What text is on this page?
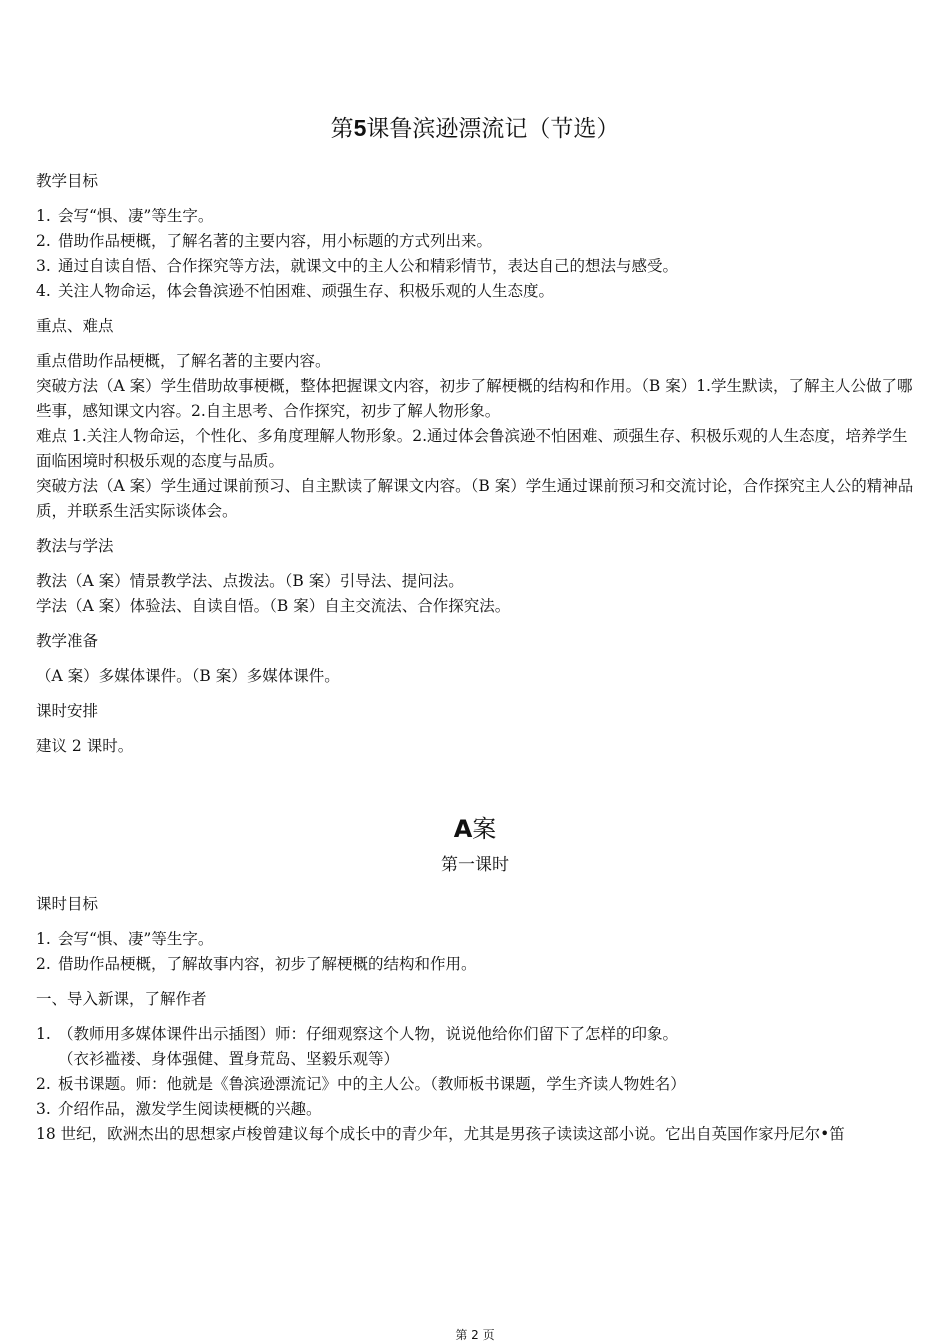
第5课鲁滨逊漂流记（节选）

教学目标

1. 会写“惧、凄”等生字。

2. 借助作品梗概，了解名著的主要内容，用小标题的方式列出来。

3. 通过自读自悟、合作探究等方法，就课文中的主人公和精彩情节，表达自己的想法与感受。

4. 关注人物命运，体会鲁滨逊不怕困难、顽强生存、积极乐观的人生态度。

重点、难点

重点借助作品梗概，了解名著的主要内容。

突破方法（A 案）学生借助故事梗概，整体把握课文内容，初步了解梗概的结构和作用。（B 案）1.学生默读，了解主人公做了哪些事，感知课文内容。2.自主思考、合作探究，初步了解人物形象。

难点 1.关注人物命运，个性化、多角度理解人物形象。2.通过体会鲁滨逊不怕困难、顽强生存、积极乐观的人生态度，培养学生面临困境时积极乐观的态度与品质。

突破方法（A 案）学生通过课前预习、自主默读了解课文内容。（B 案）学生通过课前预习和交流讨论，合作探究主人公的精神品质，并联系生活实际谈体会。

教法与学法

教法（A 案）情景教学法、点拨法。（B 案）引导法、提问法。

学法（A 案）体验法、自读自悟。（B 案）自主交流法、合作探究法。

教学准备

（A 案）多媒体课件。（B 案）多媒体课件。

课时安排

建议 2 课时。

A案

第一课时

课时目标

1. 会写“惧、凄”等生字。

2. 借助作品梗概，了解故事内容，初步了解梗概的结构和作用。

一、导入新课，了解作者

1. （教师用多媒体课件出示插图）师：仔细观察这个人物，说说他给你们留下了怎样的印象。

（衣衫褴褛、身体强健、置身荒岛、坚毅乐观等）

2. 板书课题。师：他就是《鲁滨逊漂流记》中的主人公。（教师板书课题，学生齐读人物姓名）

3. 介绍作品，激发学生阅读梗概的兴趣。

18 世纪，欧洲杰出的思想家卢梭曾建议每个成长中的青少年，尤其是男孩子读读这部小说。它出自英国作家丹尼尔•笛

第 2 页
